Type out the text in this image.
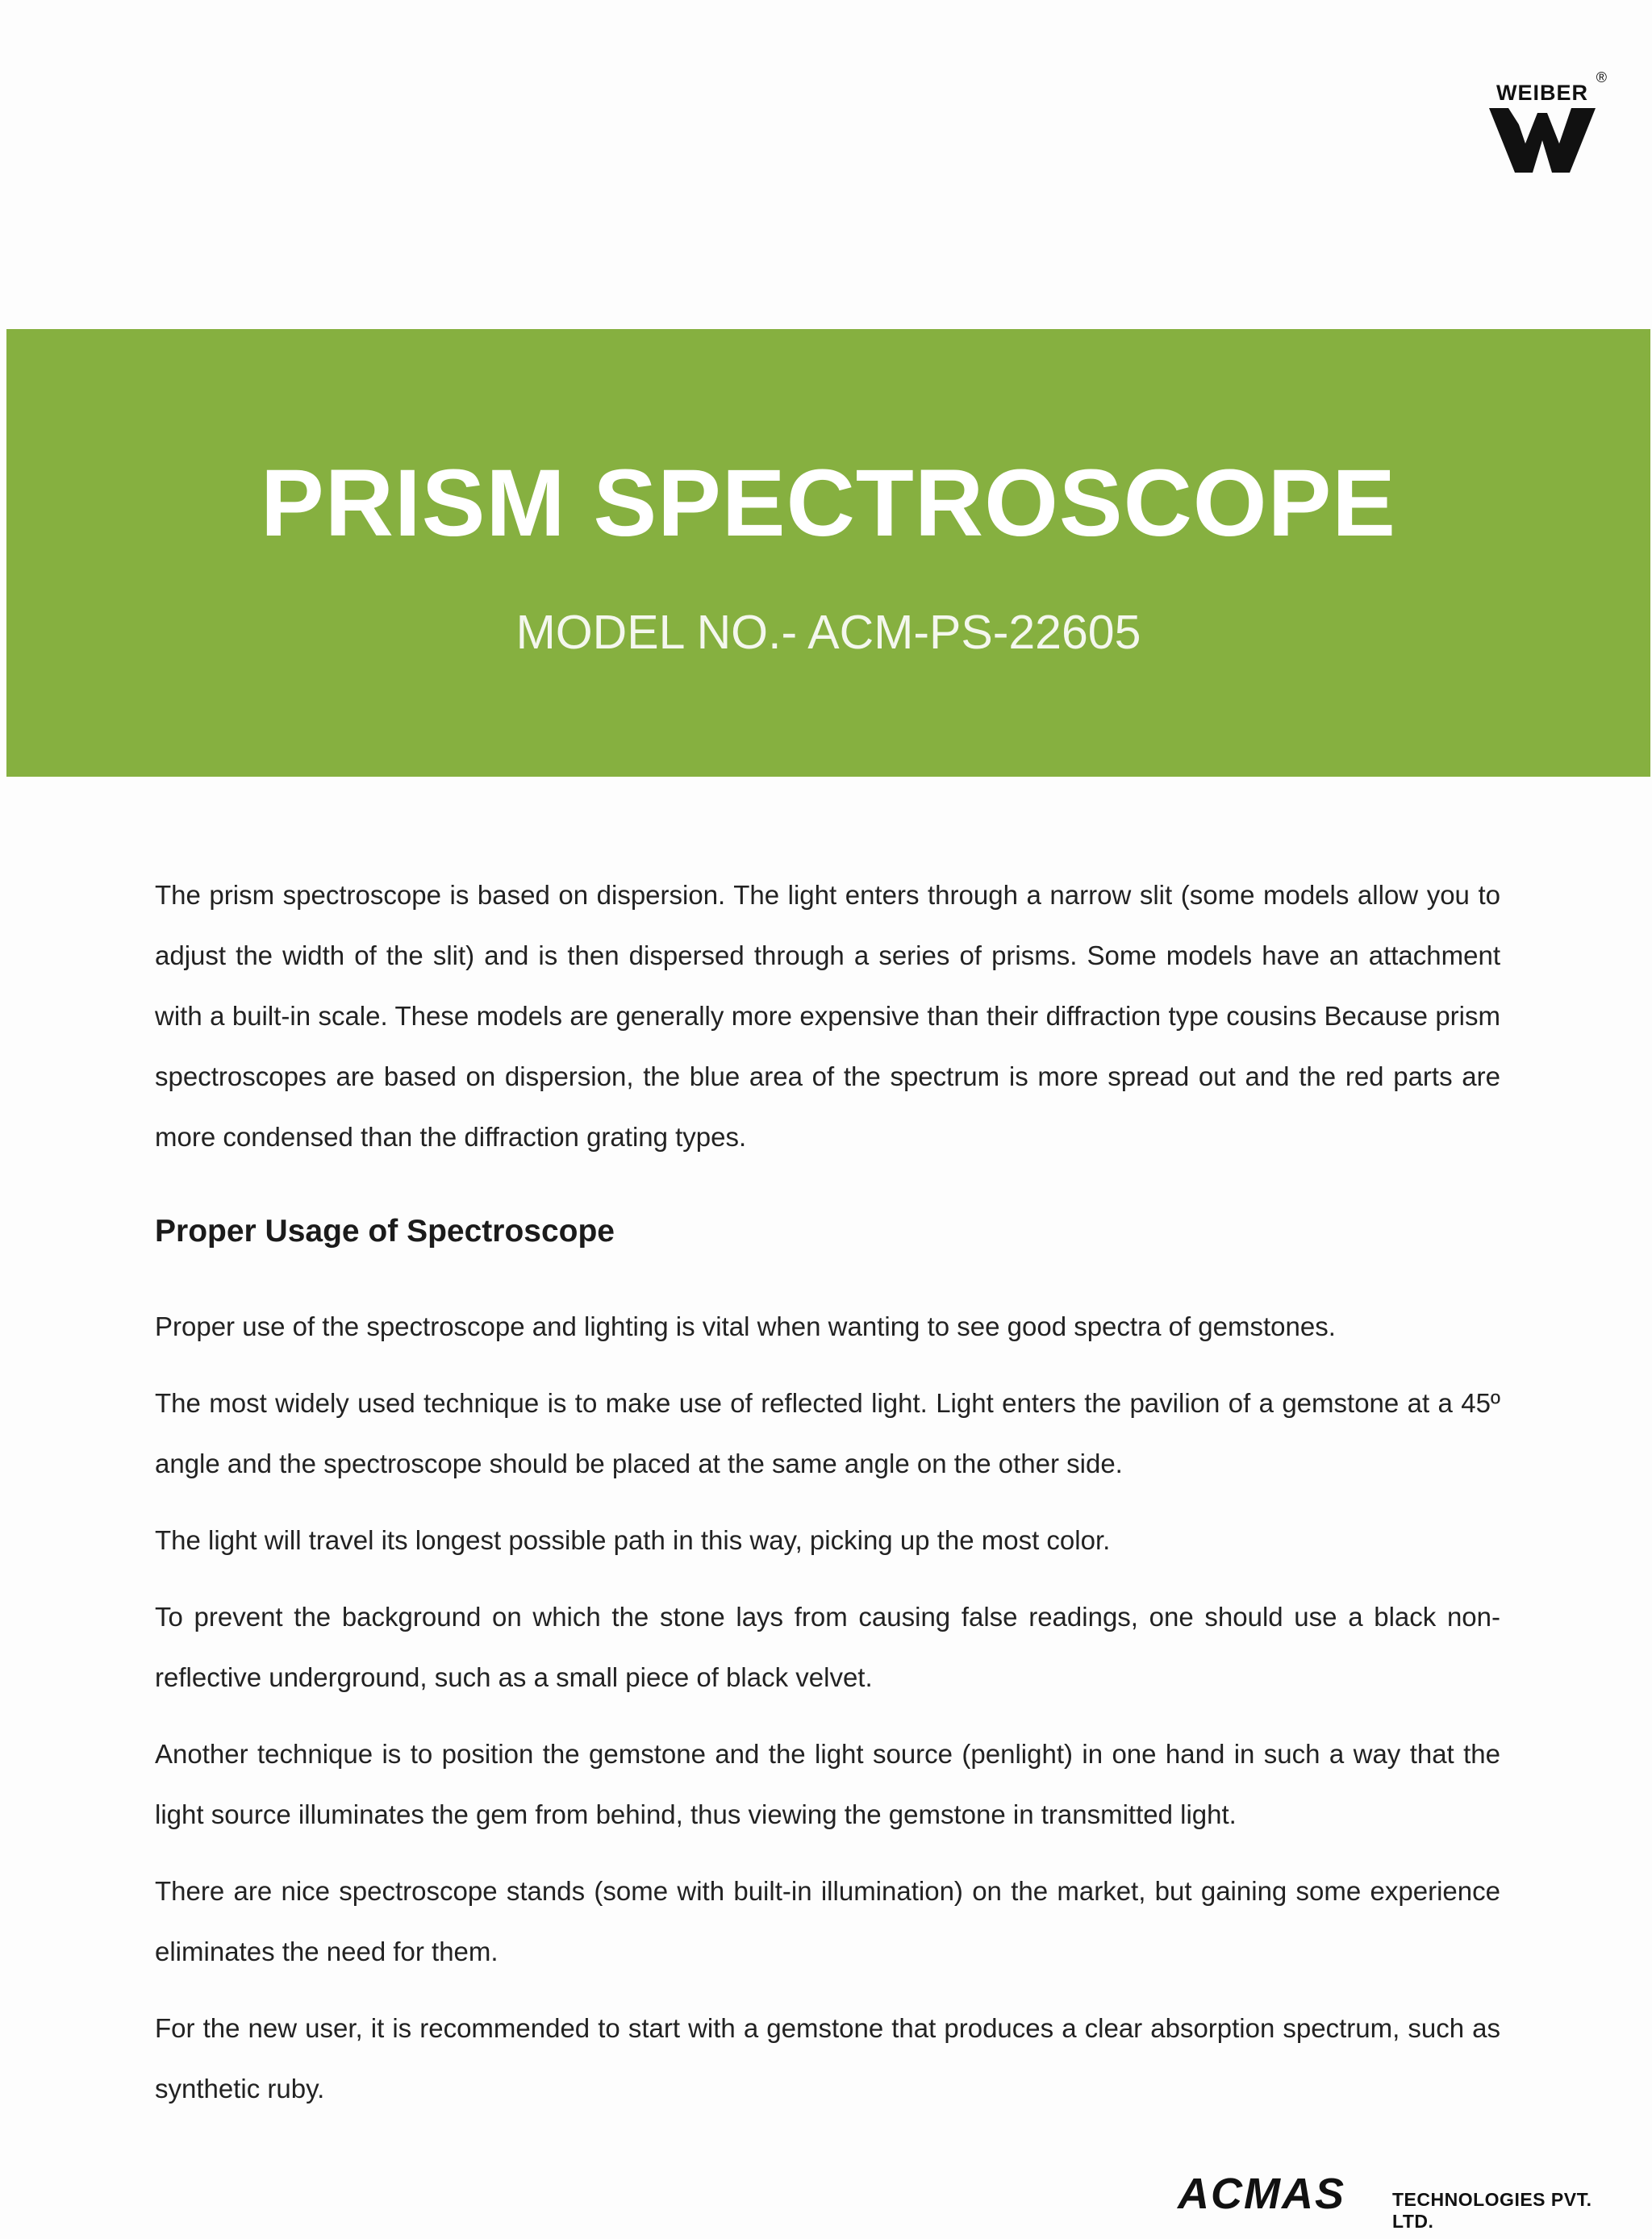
WEIBER
®
PRISM SPECTROSCOPE
MODEL NO.- ACM-PS-22605

The prism spectroscope is based on dispersion. The light enters through a narrow slit (some models allow you to adjust the width of the slit) and is then dispersed through a series of prisms. Some models have an attachment with a built-in scale. These models are generally more expensive than their diffraction type cousins Because prism spectroscopes are based on dispersion, the blue area of the spectrum is more spread out and the red parts are more condensed than the diffraction grating types.

Proper Usage of Spectroscope

Proper use of the spectroscope and lighting is vital when wanting to see good spectra of gemstones.

The most widely used technique is to make use of reflected light. Light enters the pavilion of a gemstone at a 45º angle and the spectroscope should be placed at the same angle on the other side.

The light will travel its longest possible path in this way, picking up the most color.

To prevent the background on which the stone lays from causing false readings, one should use a black non-reflective underground, such as a small piece of black velvet.

Another technique is to position the gemstone and the light source (penlight) in one hand in such a way that the light source illuminates the gem from behind, thus viewing the gemstone in transmitted light.

There are nice spectroscope stands (some with built-in illumination) on the market, but gaining some experience eliminates the need for them.

For the new user, it is recommended to start with a gemstone that produces a clear absorption spectrum, such as synthetic ruby.

ACMAS	TECHNOLOGIES PVT. LTD.
